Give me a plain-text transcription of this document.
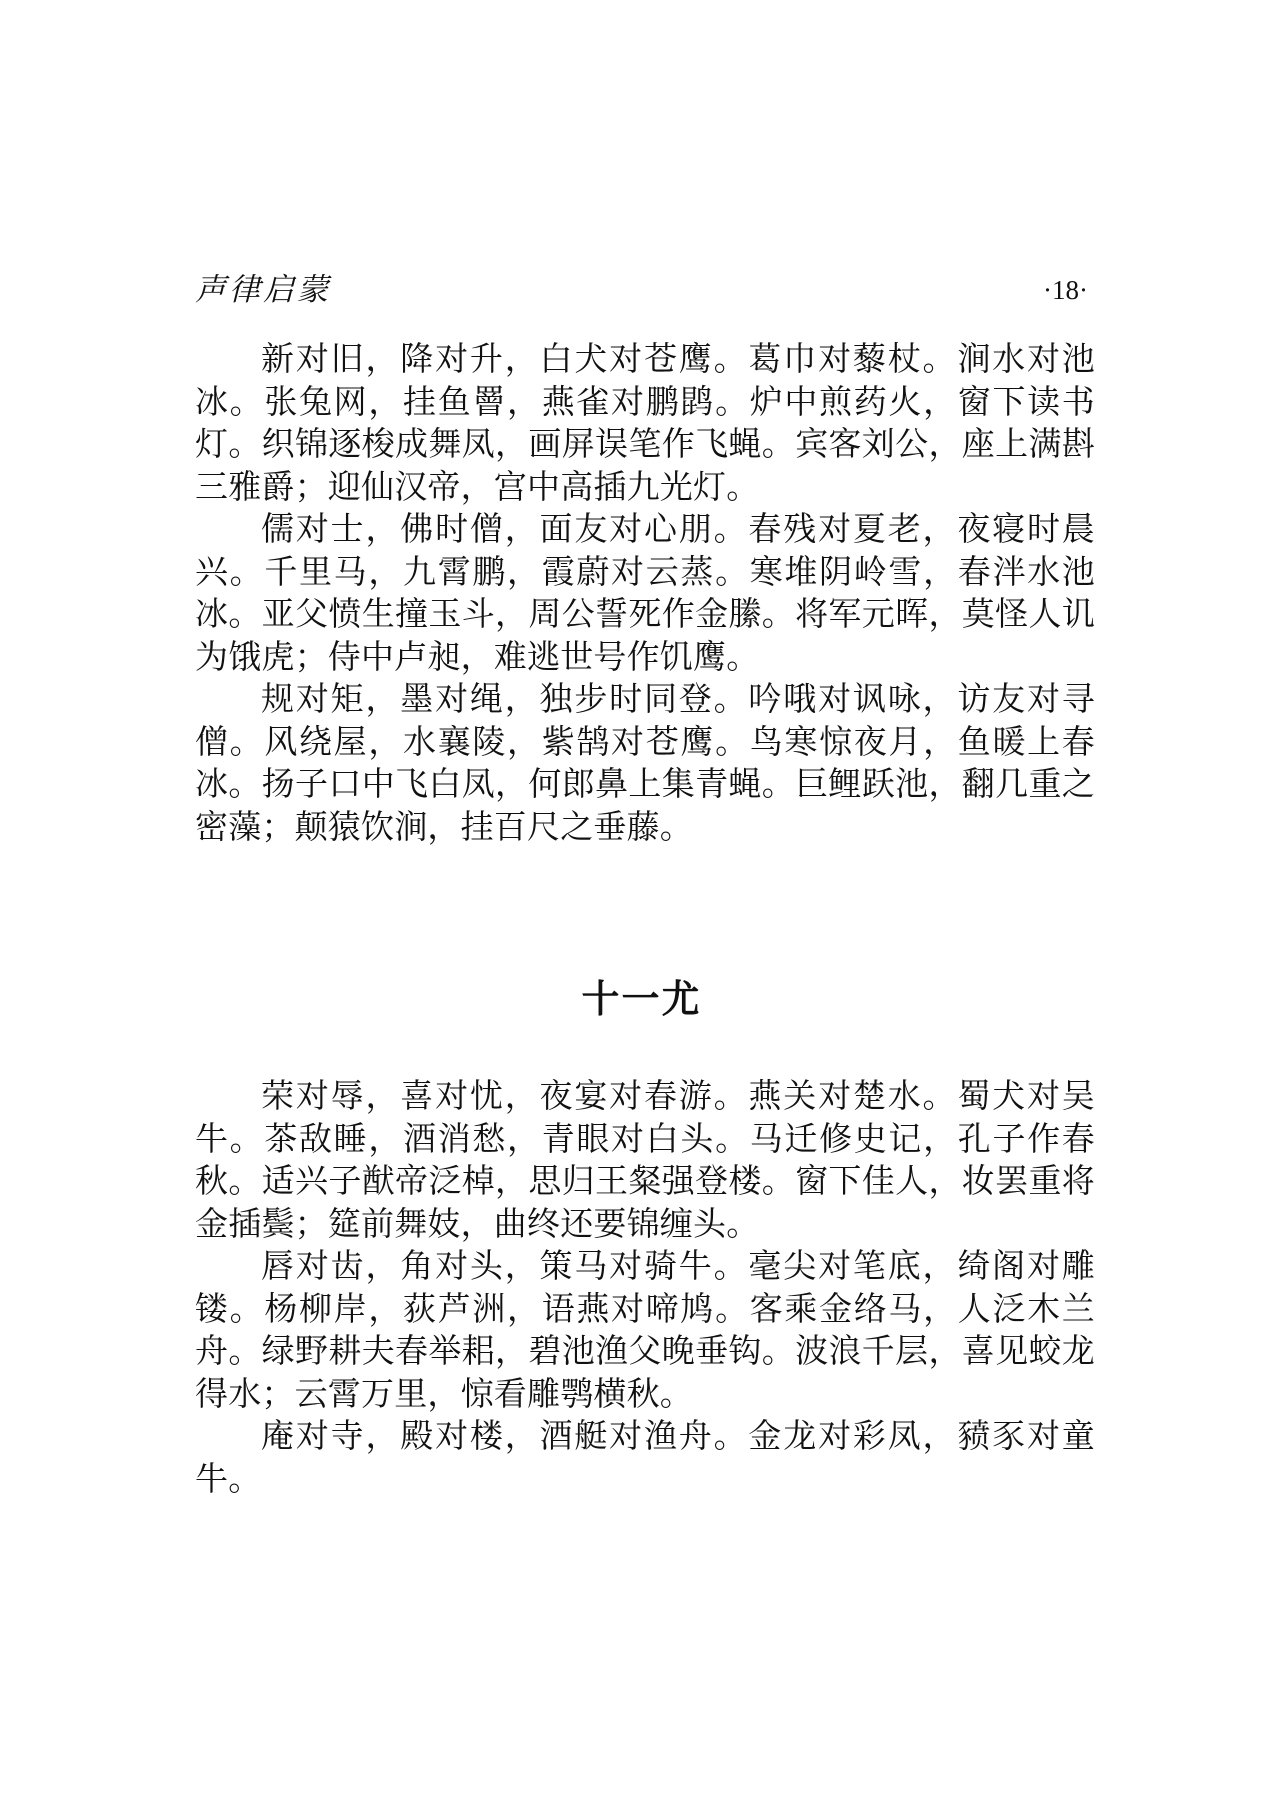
声律启蒙	·18·

新对旧，降对升，白犬对苍鹰。葛巾对藜杖。涧水对池冰。张兔网，挂鱼罾，燕雀对鹏鹍。炉中煎药火，窗下读书灯。织锦逐梭成舞凤，画屏误笔作飞蝇。宾客刘公，座上满斟三雅爵；迎仙汉帝，宫中高插九光灯。

儒对士，佛时僧，面友对心朋。春残对夏老，夜寝时晨兴。千里马，九霄鹏，霞蔚对云蒸。寒堆阴岭雪，春泮水池冰。亚父愤生撞玉斗，周公誓死作金縢。将军元晖，莫怪人讥为饿虎；侍中卢昶，难逃世号作饥鹰。

规对矩，墨对绳，独步时同登。吟哦对讽咏，访友对寻僧。风绕屋，水襄陵，紫鹄对苍鹰。鸟寒惊夜月，鱼暖上春冰。扬子口中飞白凤，何郎鼻上集青蝇。巨鲤跃池，翻几重之密藻；颠猿饮涧，挂百尺之垂藤。

十一尤

荣对辱，喜对忧，夜宴对春游。燕关对楚水。蜀犬对吴牛。茶敌睡，酒消愁，青眼对白头。马迁修史记，孔子作春秋。适兴子猷帝泛棹，思归王粲强登楼。窗下佳人，妆罢重将金插鬓；筵前舞妓，曲终还要锦缠头。

唇对齿，角对头，策马对骑牛。毫尖对笔底，绮阁对雕镂。杨柳岸，荻芦洲，语燕对啼鸠。客乘金络马，人泛木兰舟。绿野耕夫春举耜，碧池渔父晚垂钩。波浪千层，喜见蛟龙得水；云霄万里，惊看雕鹗横秋。

庵对寺，殿对楼，酒艇对渔舟。金龙对彩凤，豮豕对童牛。
